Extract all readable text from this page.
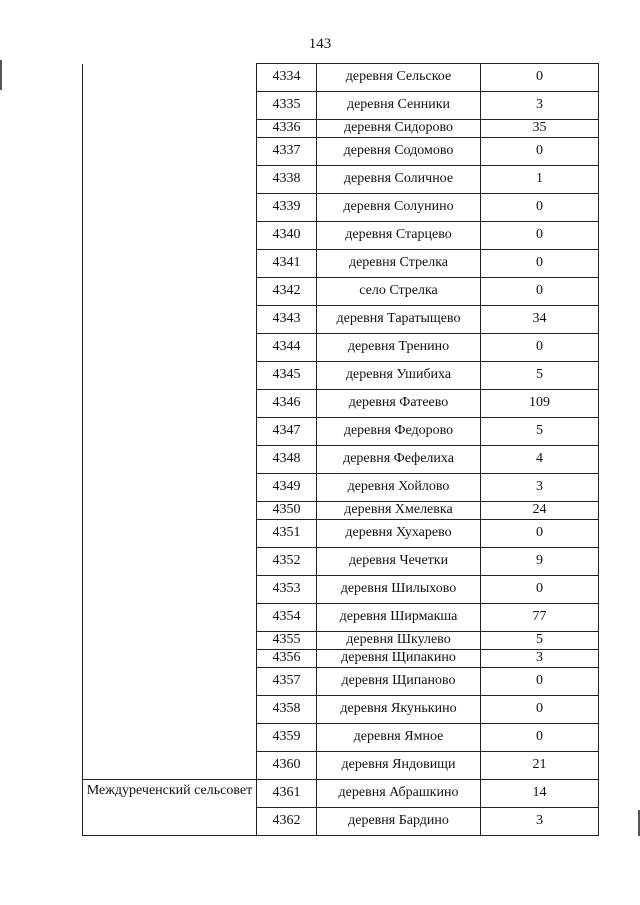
143
	4334	деревня Сельское	0
	4335	деревня Сенники	3
	4336	деревня Сидорово	35
	4337	деревня Содомово	0
	4338	деревня Соличное	1
	4339	деревня Солунино	0
	4340	деревня Старцево	0
	4341	деревня Стрелка	0
	4342	село Стрелка	0
	4343	деревня Таратыщево	34
	4344	деревня Тренино	0
	4345	деревня Ушибиха	5
	4346	деревня Фатеево	109
	4347	деревня Федорово	5
	4348	деревня Фефелиха	4
	4349	деревня Хойлово	3
	4350	деревня Хмелевка	24
	4351	деревня Хухарево	0
	4352	деревня Чечетки	9
	4353	деревня Шилыхово	0
	4354	деревня Ширмакша	77
	4355	деревня Шкулево	5
	4356	деревня Щипакино	3
	4357	деревня Щипаново	0
	4358	деревня Якунькино	0
	4359	деревня Ямное	0
	4360	деревня Яндовищи	21
Междуреченский сельсовет	4361	деревня Абрашкино	14
	4362	деревня Бардино	3
